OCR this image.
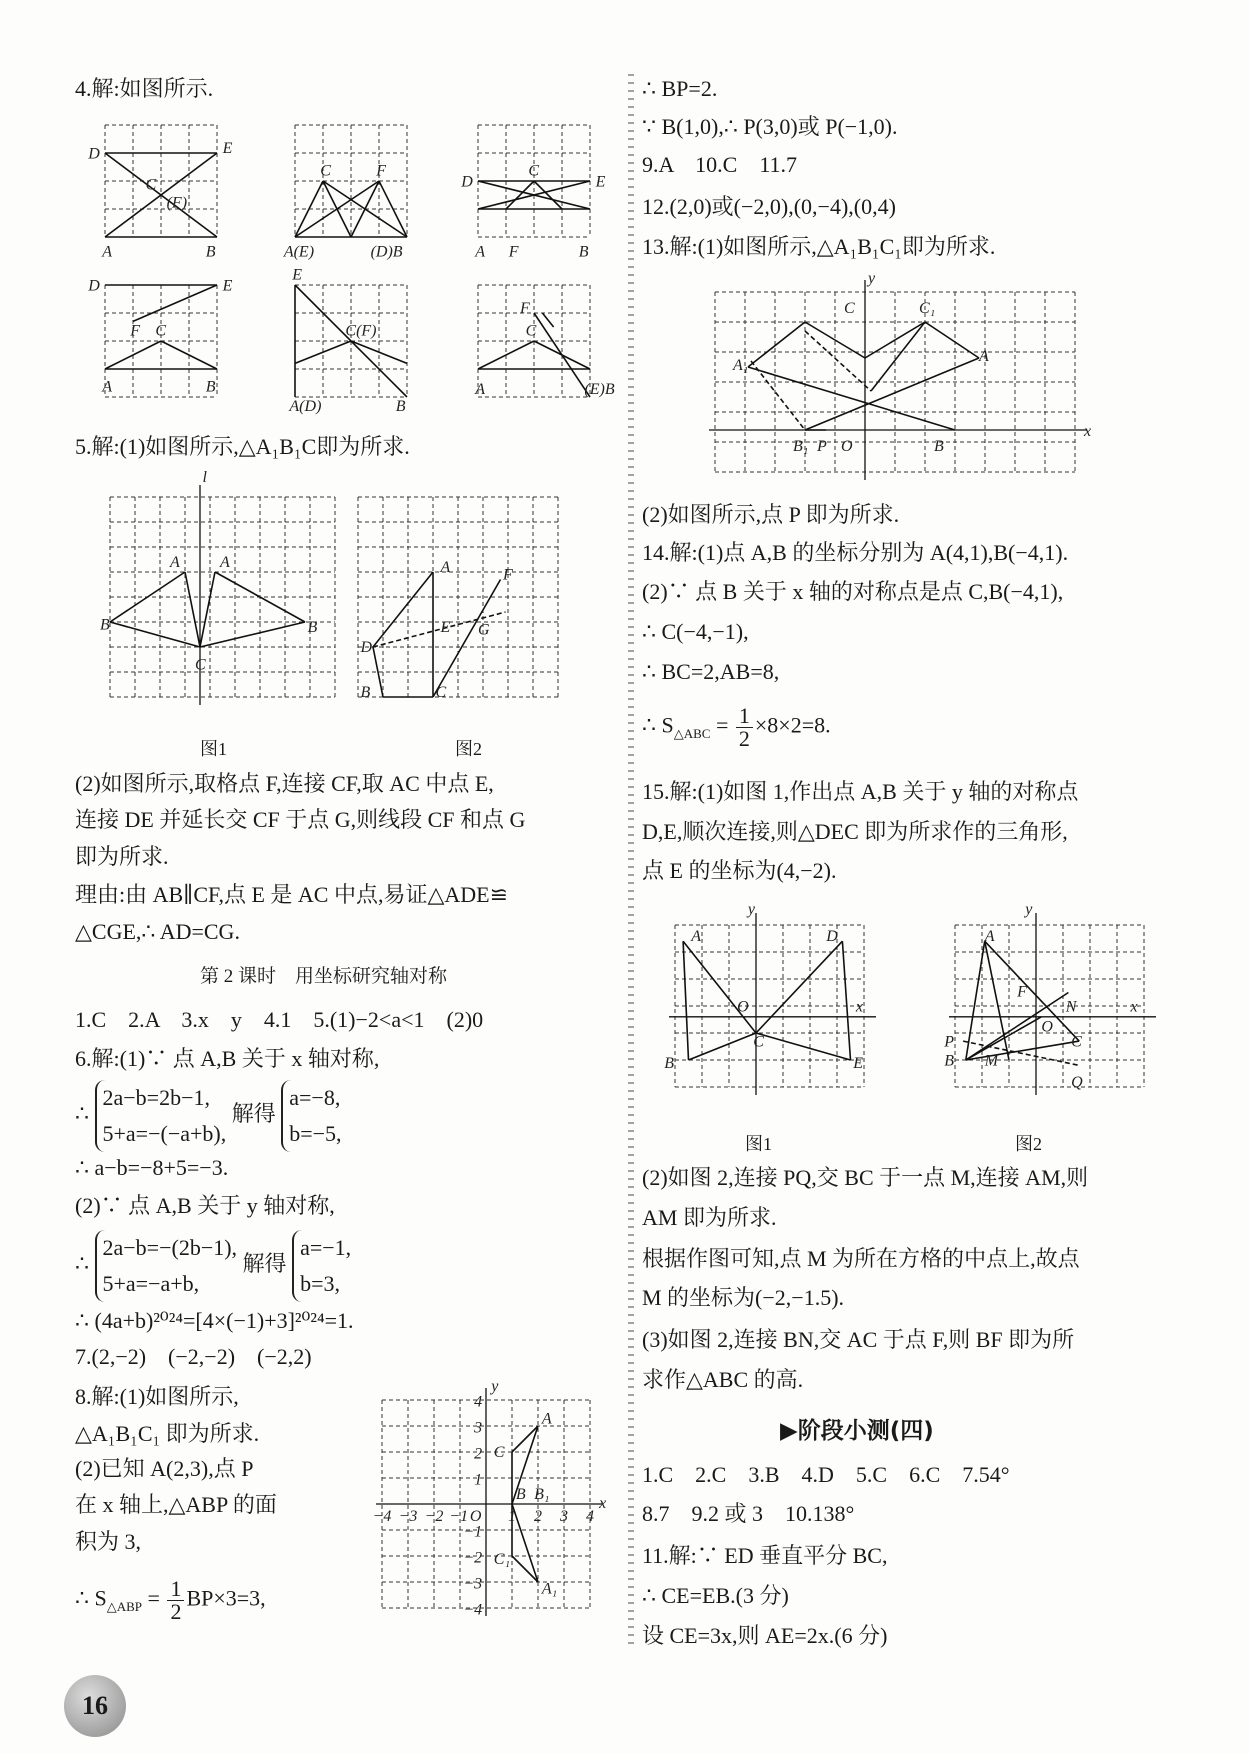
4.解:如图所示.
5.解:(1)如图所示,△A₁B₁C即为所求.
图1	图2
(2)如图所示,取格点 F,连接 CF,取 AC 中点 E,
连接 DE 并延长交 CF 于点 G,则线段 CF 和点 G
即为所求.
理由:由 AB∥CF,点 E 是 AC 中点,易证△ADE≌
△CGE,∴ AD=CG.
第 2 课时　用坐标研究轴对称
1.C　2.A　3.x　y　4.1　5.(1)−2<a<1　(2)0
6.解:(1)∵ 点 A,B 关于 x 轴对称,
∴ 2a−b=2b−1,
5+a=−(−a+b), 解得 a=−8,
b=−5,
∴ a−b=−8+5=−3.
(2)∵ 点 A,B 关于 y 轴对称,
∴ 2a−b=−(2b−1),
5+a=−a+b, 解得 a=−1,
b=3,
∴ (4a+b)²⁰²⁴=[4×(−1)+3]²⁰²⁴=1.
7.(2,−2)　(−2,−2)　(−2,2)
8.解:(1)如图所示,
△A₁B₁C₁ 即为所求.
(2)已知 A(2,3),点 P
在 x 轴上,△ABP 的面
积为 3,
∴ $S_{\triangle ABP} = \frac{1}{2} BP\times 3=3$,
∴ BP=2.
∵ B(1,0),∴ P(3,0)或 P(−1,0).
9.A　10.C　11.7
12.(2,0)或(−2,0),(0,−4),(0,4)
13.解:(1)如图所示,△A₁B₁C₁即为所求.
(2)如图所示,点 P 即为所求.
14.解:(1)点 A,B 的坐标分别为 A(4,1),B(−4,1).
(2)∵ 点 B 关于 x 轴的对称点是点 C,B(−4,1),
∴ C(−4,−1),
∴ BC=2,AB=8,
∴ $S_{\triangle ABC} = \frac{1}{2} \times 8\times 2=8$.
15.解:(1)如图 1,作出点 A,B 关于 y 轴的对称点
D,E,顺次连接,则△DEC 即为所求作的三角形,
点 E 的坐标为(4,−2).
图1	图2
(2)如图 2,连接 PQ,交 BC 于一点 M,连接 AM,则
AM 即为所求.
根据作图可知,点 M 为所在方格的中点上,故点
M 的坐标为(−2,−1.5).
(3)如图 2,连接 BN,交 AC 于点 F,则 BF 即为所
求作△ABC 的高.
▶阶段小测(四)
1.C　2.C　3.B　4.D　5.C　6.C　7.54°
8.7　9.2 或 3　10.138°
11.解:∵ ED 垂直平分 BC,
∴ CE=EB.(3 分)
设 CE=3x,则 AE=2x.(6 分)
16
D	E
C
(F)
A	B
C	F
A(E)	(D)B
D	E
C
A F	B
D	E
F C
A	B
E
C(F)
A(D)	B
F
C
A	(E)B
l
A	A
B	B
C
A	F
E G
D
B	C
y
x
4
3
2
1
O
−1
−2
−3
−4
−4 −3 −2 −1 1 2 3 4
A
A₁
C
B B₁
C₁
y
x
C	C₁
A
A₁
B₁ P O	B
y
x
A	D
O
B
C
E
y
x
A
F
N
O
P
B M
C
Q
